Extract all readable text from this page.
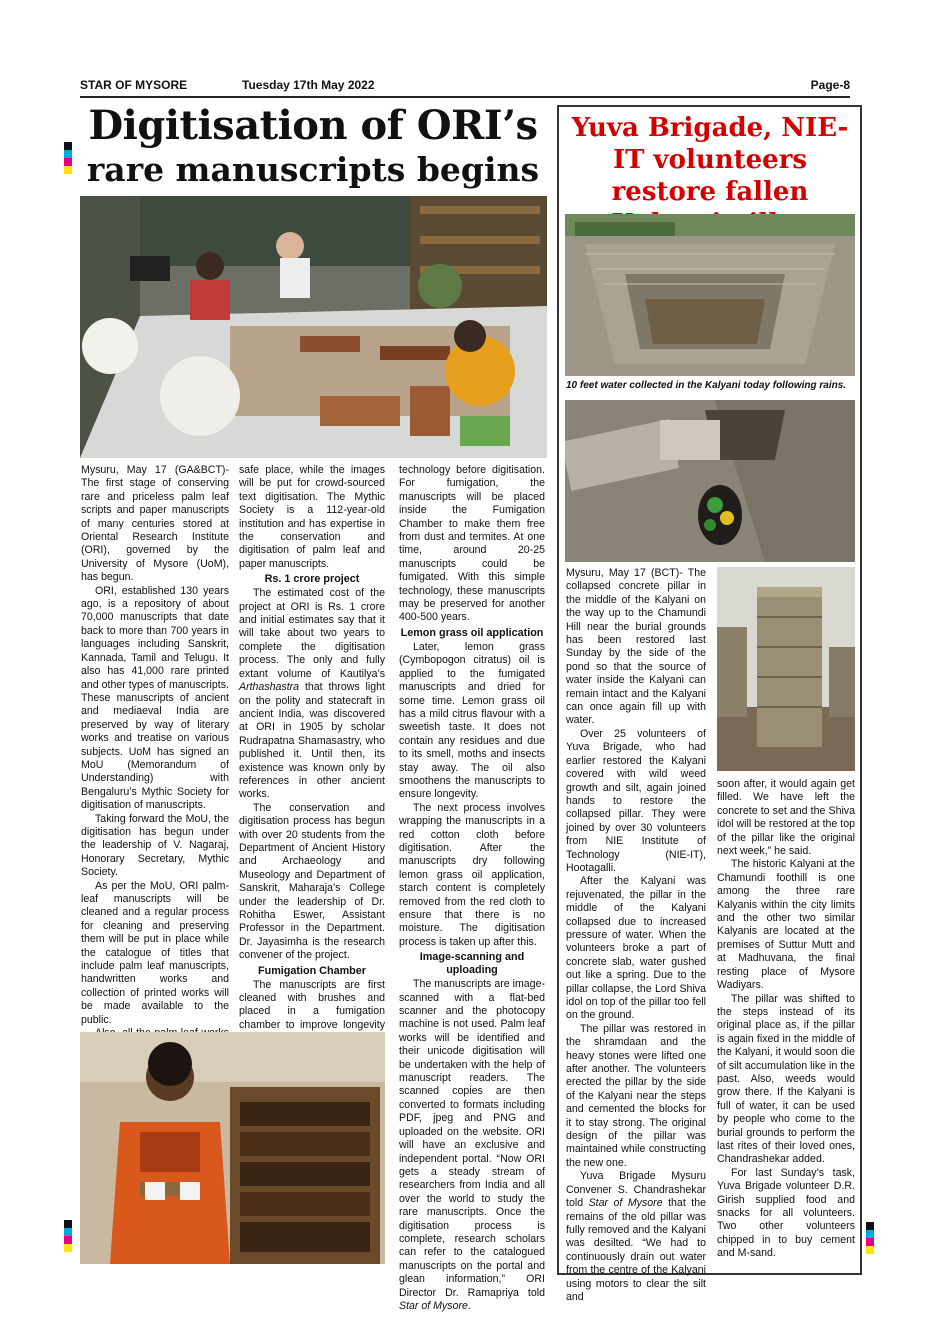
STAR OF MYSORE	Tuesday 17th May 2022	Page-8
Digitisation of ORI’s
rare manuscripts begins

Mysuru, May 17 (GA&BCT)- The first stage of conserving rare and priceless palm leaf scripts and paper manuscripts of many centuries stored at Oriental Research Institute (ORI), governed by the University of Mysore (UoM), has begun.

ORI, established 130 years ago, is a repository of about 70,000 manuscripts that date back to more than 700 years in languages including Sanskrit, Kannada, Tamil and Telugu. It also has 41,000 rare printed and other types of manuscripts. These manuscripts of ancient and mediaeval India are preserved by way of literary works and treatise on various subjects. UoM has signed an MoU (Memorandum of Understanding) with Bengaluru’s Mythic Society for digitisation of manuscripts.

Taking forward the MoU, the digitisation has begun under the leadership of V. Nagaraj, Honorary Secretary, Mythic Society.

As per the MoU, ORI palm-leaf manuscripts will be cleaned and a regular process for cleaning and preserving them will be put in place while the catalogue of titles that include palm leaf manuscripts, handwritten works and collection of printed works will be made available to the public.

safe place, while the images will be put for crowd-sourced text digitisation. The Mythic Society is a 112-year-old institution and has expertise in the conservation and digitisation of palm leaf and paper manuscripts.

Rs. 1 crore project

The estimated cost of the project at ORI is Rs. 1 crore and initial estimates say that it will take about two years to complete the digitisation process. The only and fully extant volume of Kautilya’s Arthashastra that throws light on the polity and statecraft in ancient India, was discovered at ORI in 1905 by scholar Rudrapatna Shamasastry, who published it. Until then, its existence was known only by references in other ancient works.

The conservation and digitisation process has begun with over 20 students from the Department of Ancient History and Archaeology and Museology and Department of Sanskrit, Maharaja’s College under the leadership of Dr. Rohitha Eswer, Assistant Professor in the Department. Dr. Jayasimha is the research convener of the project.

Fumigation Chamber

The manuscripts are first cleaned with brushes and placed in a fumigation chamber to improve longevity

technology before digitisation. For fumigation, the manuscripts will be placed inside the Fumigation Chamber to make them free from dust and termites. At one time, around 20-25 manuscripts could be fumigated. With this simple technology, these manuscripts may be preserved for another 400-500 years.

Lemon grass oil application

Later, lemon grass (Cymbopogon citratus) oil is applied to the fumigated manuscripts and dried for some time. Lemon grass oil has a mild citrus flavour with a sweetish taste. It does not contain any residues and due to its smell, moths and insects stay away. The oil also smoothens the manuscripts to ensure longevity.

The next process involves wrapping the manuscripts in a red cotton cloth before digitisation. After the manuscripts dry following lemon grass oil application, starch content is completely removed from the red cloth to ensure that there is no moisture. The digitisation process is taken up after this.

Image-scanning and uploading

The manuscripts are image-scanned with a flat-bed scanner and the photocopy machine is not used. Palm leaf works will be identified and their unicode digitisation will be undertaken with the help of manuscript readers. The scanned copies are then converted to formats including PDF, jpeg and PNG and uploaded on the website. ORI will have an exclusive and independent portal. “Now ORI gets a steady stream of researchers from India and all over the world to study the rare manuscripts. Once the digitisation process is complete, research scholars can refer to the catalogued manuscripts on the portal and glean information,” ORI Director Dr. Ramapriya told Star of Mysore.

Yuva Brigade, NIE-IT volunteers restore fallen
10 feet water collected in the Kalyani today following rains.

Mysuru, May 17 (BCT)- The collapsed concrete pillar in the middle of the Kalyani on the way up to the Chamundi Hill near the burial grounds has been restored last Sunday by the side of the pond so that the source of water inside the Kalyani can remain intact and the Kalyani can once again fill up with water.

Over 25 volunteers of Yuva Brigade, who had earlier restored the Kalyani covered with wild weed growth and silt, again joined hands to restore the collapsed pillar. They were joined by over 30 volunteers from NIE Institute of Technology (NIE-IT), Hootagalli.

After the Kalyani was rejuvenated, the pillar in the middle of the Kalyani collapsed due to increased pressure of water. When the volunteers broke a part of concrete slab, water gushed out like a spring. Due to the pillar collapse, the Lord Shiva idol on top of the pillar too fell on the ground.

The pillar was restored in the shramdaan and the heavy stones were lifted one after another. The volunteers erected the pillar by the side of the Kalyani near the steps and cemented the blocks for it to stay strong. The original design of the pillar was maintained while constructing the new one.

Yuva Brigade Mysuru Convener S. Chandrashekar told Star of Mysore that the remains of the old pillar was fully removed and the Kalyani was desilted. “We had to continuously drain out water from the centre of the Kalyani using motors to clear the silt and

soon after, it would again get filled. We have left the concrete to set and the Shiva idol will be restored at the top of the pillar like the original next week,” he said.

The historic Kalyani at the Chamundi foothill is one among the three rare Kalyanis within the city limits and the other two similar Kalyanis are located at the premises of Suttur Mutt and at Madhuvana, the final resting place of Mysore Wadiyars.

The pillar was shifted to the steps instead of its original place as, if the pillar is again fixed in the middle of the Kalyani, it would soon die of silt accumulation like in the past. Also, weeds would grow there. If the Kalyani is full of water, it can be used by people who come to the burial grounds to perform the last rites of their loved ones, Chandrashekar added.

For last Sunday’s task, Yuva Brigade volunteer D.R. Girish supplied food and snacks for all volunteers. Two other volunteers chipped in to buy cement and M-sand.
